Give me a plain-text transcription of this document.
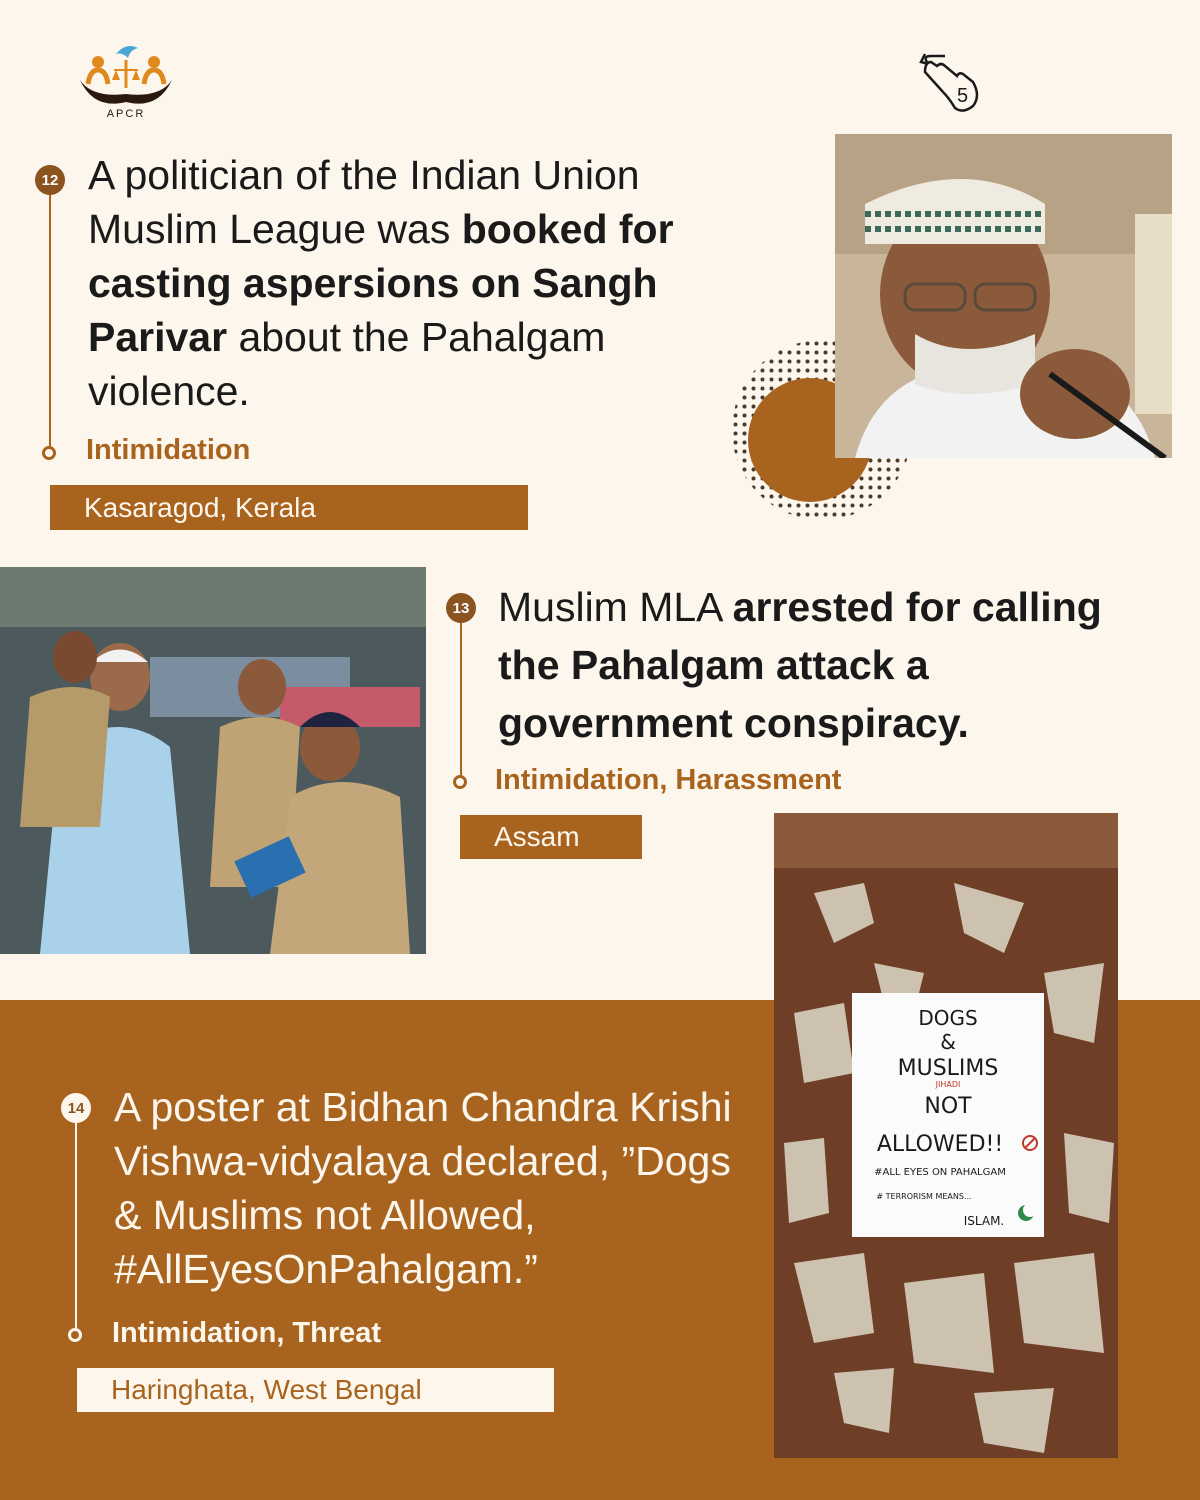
APCR
5
12 A politician of the Indian Union Muslim League was booked for casting aspersions on Sangh Parivar about the Pahalgam violence.
Intimidation
Kasaragod, Kerala
13 Muslim MLA arrested for calling the Pahalgam attack a government conspiracy.
Intimidation, Harassment
Assam
DOGS
&
MUSLIMS
JIHADI
NOT
ALLOWED!!
#ALL EYES ON PAHALGAM
# TERRORISM MEANS...
ISLAM.
14 A poster at Bidhan Chandra Krishi Vishwa-vidyalaya declared, ”Dogs & Muslims not Allowed, #AllEyesOnPahalgam.”
Intimidation, Threat
Haringhata, West Bengal
